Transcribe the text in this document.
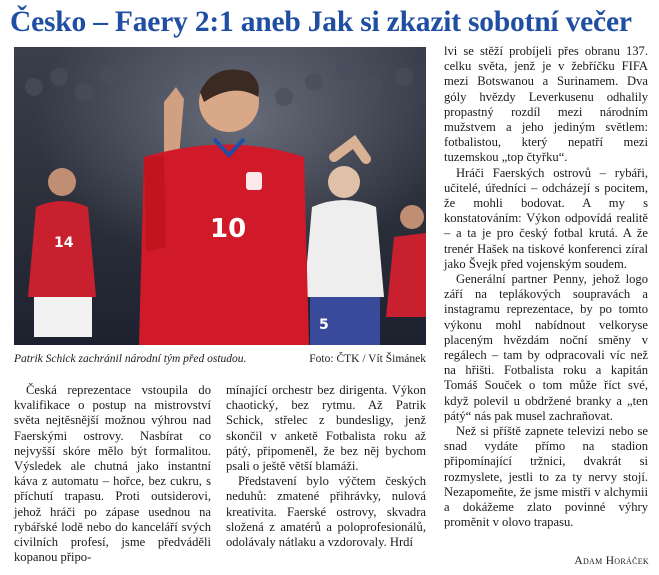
Česko – Faery 2:1 aneb Jak si zkazit sobotní večer
14
5
10
Patrik Schick zachránil národní tým před ostudou.	Foto: ČTK / Vít Šimánek

Česká reprezentace vstoupila do kvalifikace o postup na mistrovství světa nejtěsnější možnou výhrou nad Faerskými ostrovy. Nasbírat co nejvyšší skóre mělo být formalitou. Výsledek ale chutná jako instantní káva z automatu – hořce, bez cukru, s příchutí trapasu. Proti outsiderovi, jehož hráči po zápase usednou na rybářské lodě nebo do kanceláří svých civilních profesí, jsme předváděli kopanou připo-

mínající orchestr bez dirigenta. Výkon chaotický, bez rytmu. Až Patrik Schick, střelec z bundesligy, jenž skončil v anketě Fotbalista roku až pátý, připomeněl, že bez něj bychom psali o ještě větší blamáži.

Představení bylo výčtem českých neduhů: zmatené přihrávky, nulová kreativita. Faerské ostrovy, skvadra složená z amatérů a poloprofesionálů, odolávaly nátlaku a vzdorovaly. Hrdí

lvi se stěží probíjeli přes obranu 137. celku světa, jenž je v žebříčku FIFA mezi Botswanou a Surinamem. Dva góly hvězdy Leverkusenu odhalily propastný rozdíl mezi národním mužstvem a jeho jediným světlem: fotbalistou, který nepatří mezi tuzemskou „top čtyřku“.

Hráči Faerských ostrovů – rybáři, učitelé, úředníci – odcházejí s pocitem, že mohli bodovat. A my s konstatováním: Výkon odpovídá realitě – a ta je pro český fotbal krutá. A že trenér Hašek na tiskové konferenci zíral jako Švejk před vojenským soudem.

Generální partner Penny, jehož logo září na teplákových soupravách a instagramu reprezentace, by po tomto výkonu mohl nabídnout velkoryse placeným hvězdám noční směny v regálech – tam by odpracovali víc než na hřišti. Fotbalista roku a kapitán Tomáš Souček o tom může říct své, když polevil u obdržené branky a „ten pátý“ nás pak musel zachraňovat.

Než si příště zapnete televizi nebo se snad vydáte přímo na stadion připomínající tržnici, dvakrát si rozmyslete, jestli to za ty nervy stojí. Nezapomeňte, že jsme mistři v alchymii a dokážeme zlato povinné výhry proměnit v olovo trapasu.

Adam Horáček
